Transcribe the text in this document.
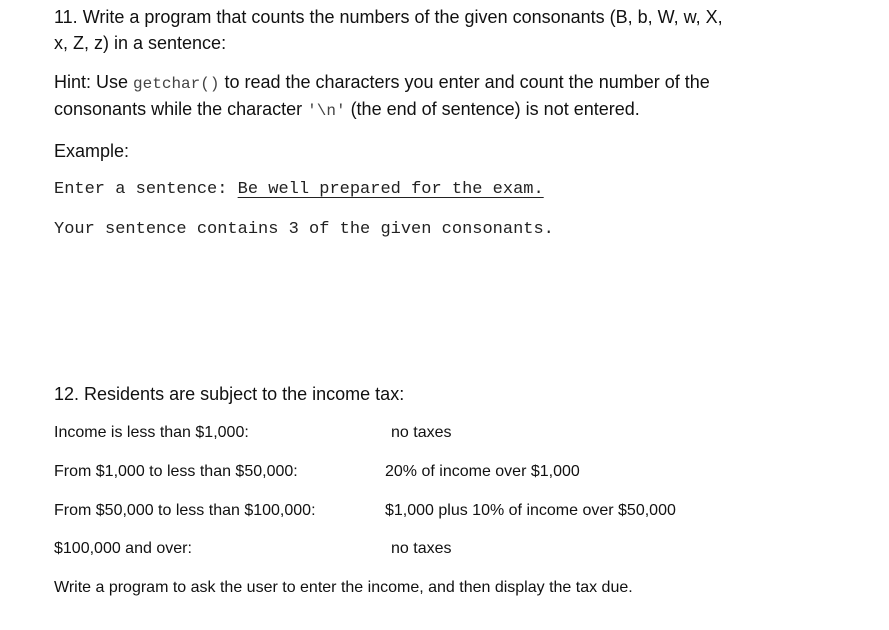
11. Write a program that counts the numbers of the given consonants (B, b, W, w, X,
x, Z, z) in a sentence:
Hint: Use getchar() to read the characters you enter and count the number of the
consonants while the character '\n' (the end of sentence) is not entered.
Example:
Enter a sentence: Be well prepared for the exam.
Your sentence contains 3 of the given consonants.
12. Residents are subject to the income tax:
Income is less than $1,000:	no taxes
From $1,000 to less than $50,000:	20% of income over $1,000
From $50,000 to less than $100,000:	$1,000 plus 10% of income over $50,000
$100,000 and over:	no taxes
Write a program to ask the user to enter the income, and then display the tax due.
